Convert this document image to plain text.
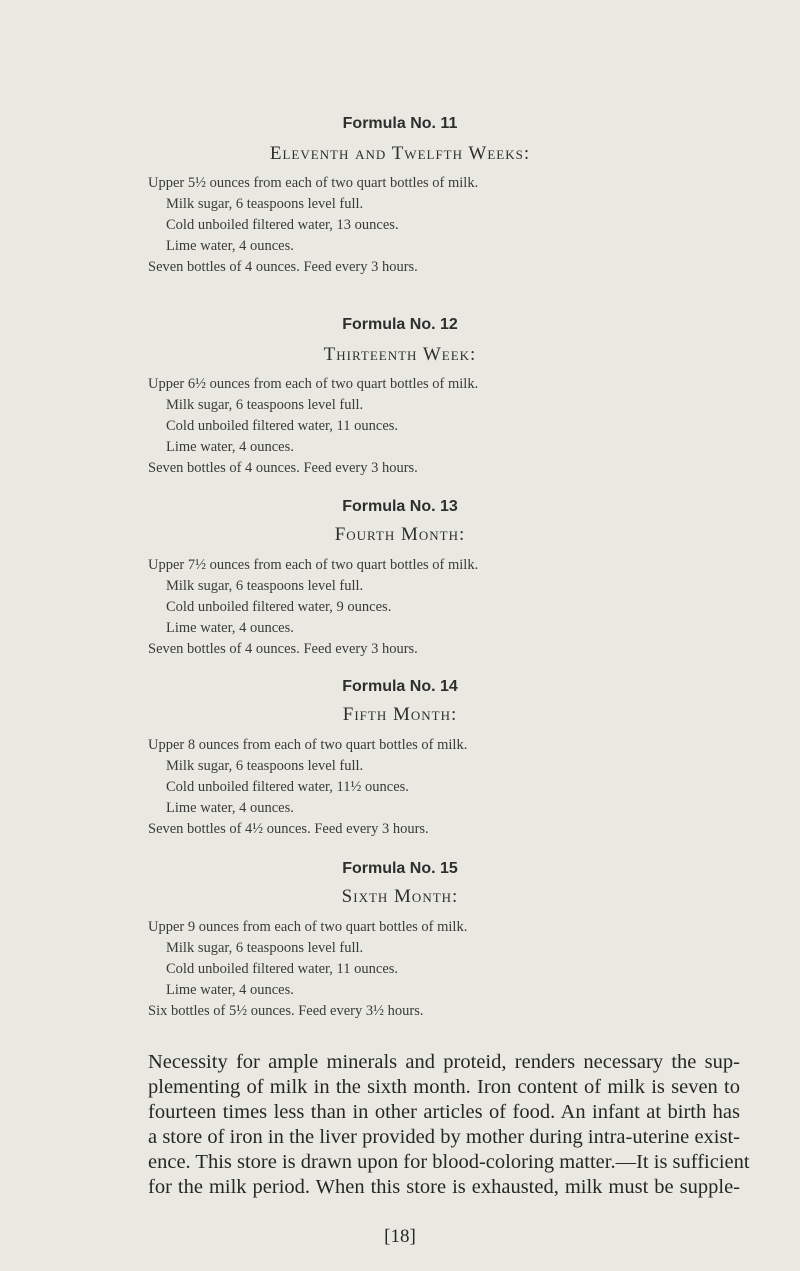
Formula No. 11
Eleventh and Twelfth Weeks:
Upper 5½ ounces from each of two quart bottles of milk.
Milk sugar, 6 teaspoons level full.
Cold unboiled filtered water, 13 ounces.
Lime water, 4 ounces.
Seven bottles of 4 ounces. Feed every 3 hours.
Formula No. 12
Thirteenth Week:
Upper 6½ ounces from each of two quart bottles of milk.
Milk sugar, 6 teaspoons level full.
Cold unboiled filtered water, 11 ounces.
Lime water, 4 ounces.
Seven bottles of 4 ounces. Feed every 3 hours.
Formula No. 13
Fourth Month:
Upper 7½ ounces from each of two quart bottles of milk.
Milk sugar, 6 teaspoons level full.
Cold unboiled filtered water, 9 ounces.
Lime water, 4 ounces.
Seven bottles of 4 ounces. Feed every 3 hours.
Formula No. 14
Fifth Month:
Upper 8 ounces from each of two quart bottles of milk.
Milk sugar, 6 teaspoons level full.
Cold unboiled filtered water, 11½ ounces.
Lime water, 4 ounces.
Seven bottles of 4½ ounces. Feed every 3 hours.
Formula No. 15
Sixth Month:
Upper 9 ounces from each of two quart bottles of milk.
Milk sugar, 6 teaspoons level full.
Cold unboiled filtered water, 11 ounces.
Lime water, 4 ounces.
Six bottles of 5½ ounces. Feed every 3½ hours.
Necessity for ample minerals and proteid, renders necessary the sup-
plementing of milk in the sixth month. Iron content of milk is seven to
fourteen times less than in other articles of food. An infant at birth has
a store of iron in the liver provided by mother during intra-uterine exist-
ence. This store is drawn upon for blood-coloring matter.—It is sufficient
for the milk period. When this store is exhausted, milk must be supple-
[18]
